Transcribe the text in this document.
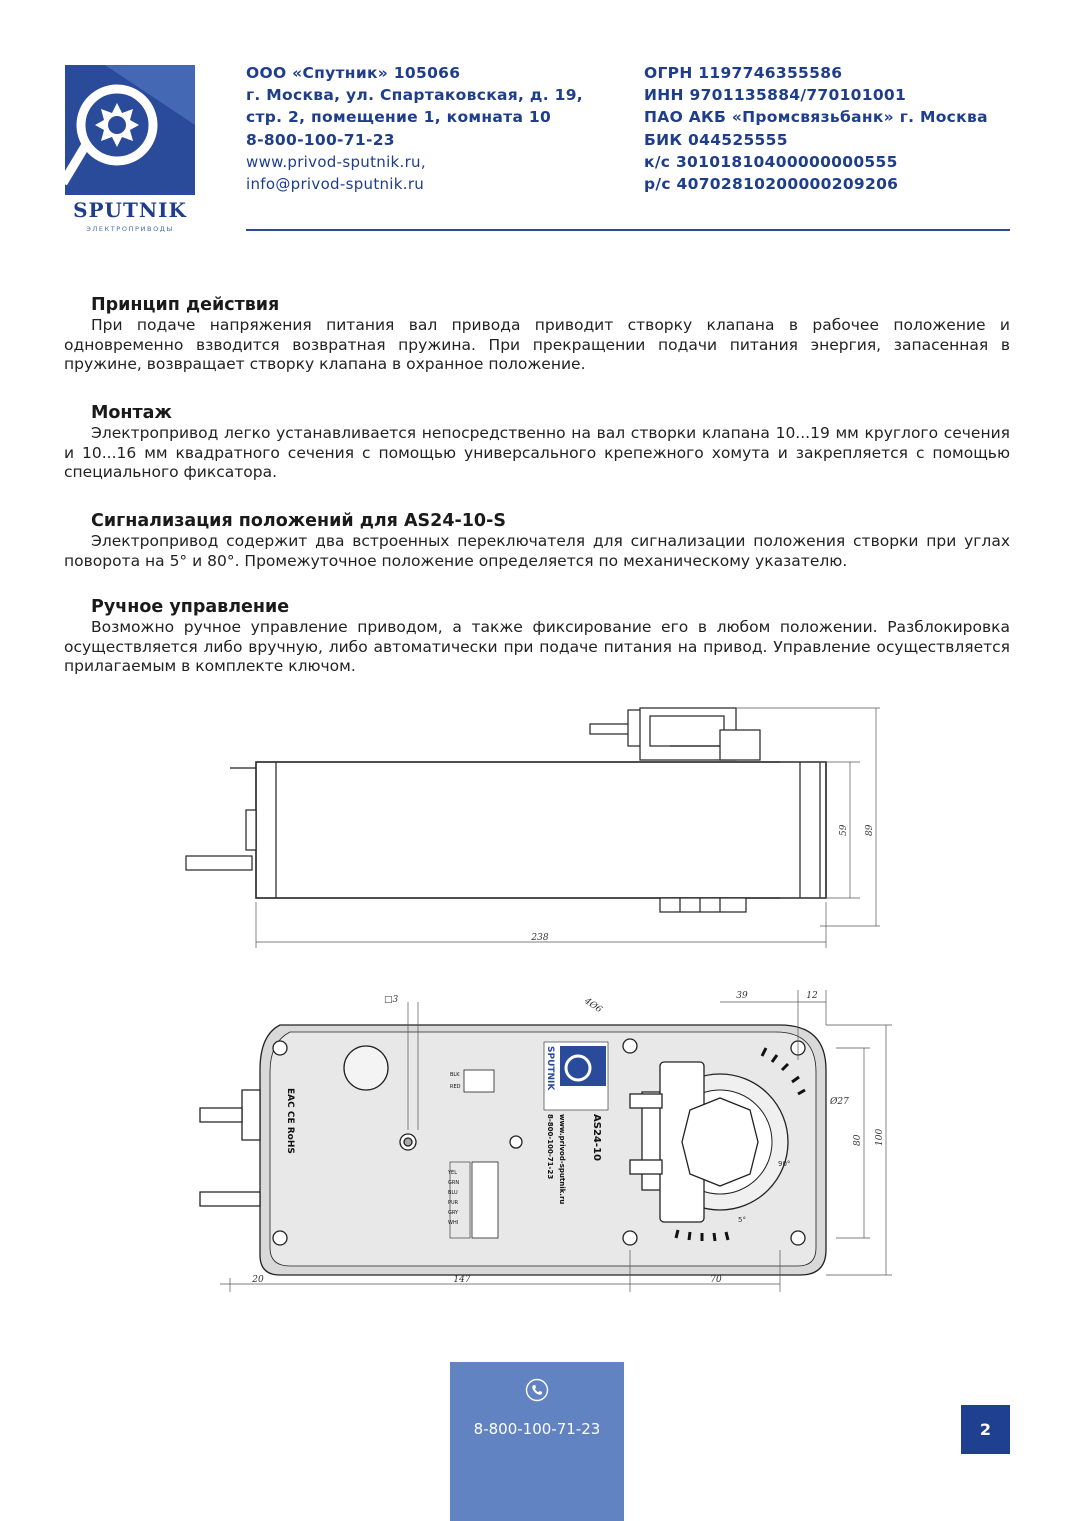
SPUTNIK
ЭЛЕКТРОПРИВОДЫ
ООО «Спутник» 105066
г. Москва, ул. Спартаковская, д. 19,
стр. 2, помещение 1, комната 10
8-800-100-71-23
www.privod-sputnik.ru,
info@privod-sputnik.ru
ОГРН 1197746355586
ИНН 9701135884/770101001
ПАО АКБ «Промсвязьбанк» г. Москва
БИК 044525555
к/с 30101810400000000555
р/с 40702810200000209206
Принцип действия

При подаче напряжения питания вал привода приводит створку клапана в рабочее положение и одновременно взводится возвратная пружина. При прекращении подачи питания энергия, запасенная в пружине, возвращает створку клапана в охранное положение.

Монтаж

Электропривод легко устанавливается непосредственно на вал створки клапана 10...19 мм круглого сечения и 10...16 мм квадратного сечения с помощью универсального крепежного хомута и закрепляется с помощью специального фиксатора.

Сигнализация положений для AS24-10-S

Электропривод содержит два встроенных переключателя для сигнализации положения створки при углах поворота на 5° и 80°. Промежуточное положение определяется по механическому указателю.

Ручное управление

Возможно ручное управление приводом, а также фиксирование его в любом положении. Разблокировка осуществляется либо вручную, либо автоматически при подаче питания на привод. Управление осуществляется прилагаемым в комплекте ключом.

238
59 89
20	147	70
39	12
80 100
Ø27
□3	4Ø6
SPUTNIK
AS24-10
www.privod-sputnik.ru
8-800-100-71-23
EAC CE RoHS
BLK
RED
YEL
GRN
BLU
PUR
GRY
WHI	5°
90°
8-800-100-71-23	2
